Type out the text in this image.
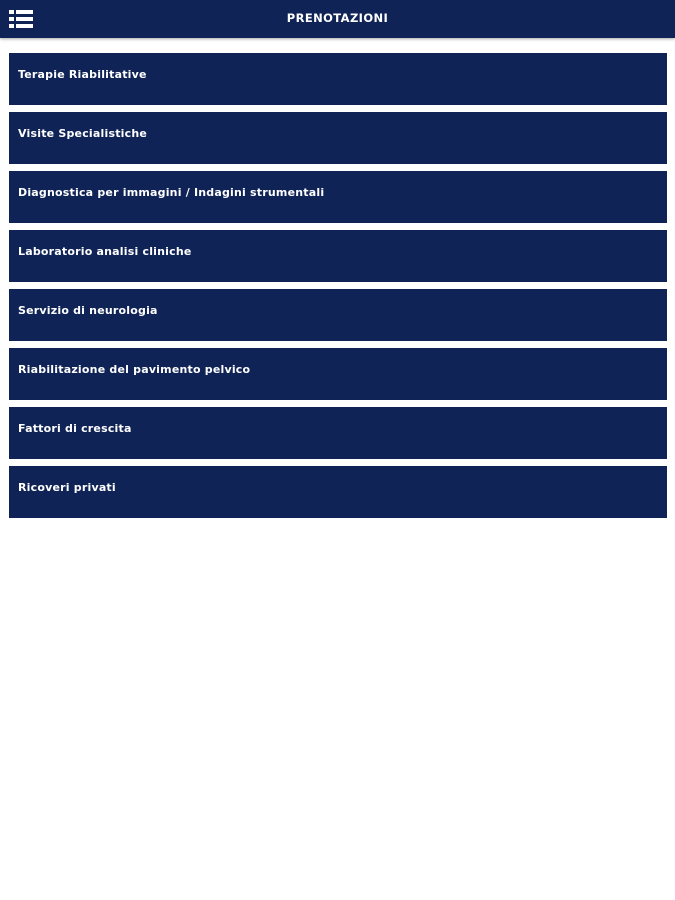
PRENOTAZIONI
Terapie Riabilitative
Visite Specialistiche
Diagnostica per immagini / Indagini strumentali
Laboratorio analisi cliniche
Servizio di neurologia
Riabilitazione del pavimento pelvico
Fattori di crescita
Ricoveri privati
